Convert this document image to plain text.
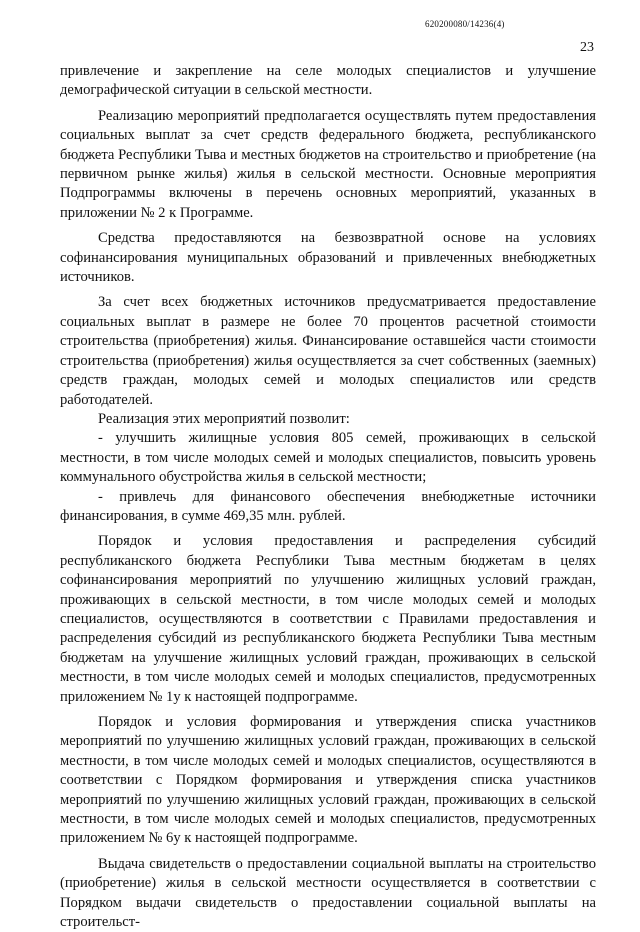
620200080/14236(4)
23

привлечение и закрепление на селе молодых специалистов и улучшение демографической ситуации в сельской местности.

Реализацию мероприятий предполагается осуществлять путем предоставления социальных выплат за счет средств федерального бюджета, республиканского бюджета Республики Тыва и местных бюджетов на строительство и приобретение (на первичном рынке жилья) жилья в сельской местности. Основные мероприятия Подпрограммы включены в перечень основных мероприятий, указанных в приложении № 2 к Программе.

Средства предоставляются на безвозвратной основе на условиях софинансирования муниципальных образований и привлеченных внебюджетных источников.

За счет всех бюджетных источников предусматривается предоставление социальных выплат в размере не более 70 процентов расчетной стоимости строительства (приобретения) жилья. Финансирование оставшейся части стоимости строительства (приобретения) жилья осуществляется за счет собственных (заемных) средств граждан, молодых семей и молодых специалистов или средств работодателей.

Реализация этих мероприятий позволит:

- улучшить жилищные условия 805 семей, проживающих в сельской местности, в том числе молодых семей и молодых специалистов, повысить уровень коммунального обустройства жилья в сельской местности;

- привлечь для финансового обеспечения внебюджетные источники финансирования, в сумме 469,35 млн. рублей.

Порядок и условия предоставления и распределения субсидий республиканского бюджета Республики Тыва местным бюджетам в целях софинансирования мероприятий по улучшению жилищных условий граждан, проживающих в сельской местности, в том числе молодых семей и молодых специалистов, осуществляются в соответствии с Правилами предоставления и распределения субсидий из республиканского бюджета Республики Тыва местным бюджетам на улучшение жилищных условий граждан, проживающих в сельской местности, в том числе молодых семей и молодых специалистов, предусмотренных приложением № 1у к настоящей подпрограмме.

Порядок и условия формирования и утверждения списка участников мероприятий по улучшению жилищных условий граждан, проживающих в сельской местности, в том числе молодых семей и молодых специалистов, осуществляются в соответствии с Порядком формирования и утверждения списка участников мероприятий по улучшению жилищных условий граждан, проживающих в сельской местности, в том числе молодых семей и молодых специалистов, предусмотренных приложением № 6у к настоящей подпрограмме.

Выдача свидетельств о предоставлении социальной выплаты на строительство (приобретение) жилья в сельской местности осуществляется в соответствии с Порядком выдачи свидетельств о предоставлении социальной выплаты на строительст-
